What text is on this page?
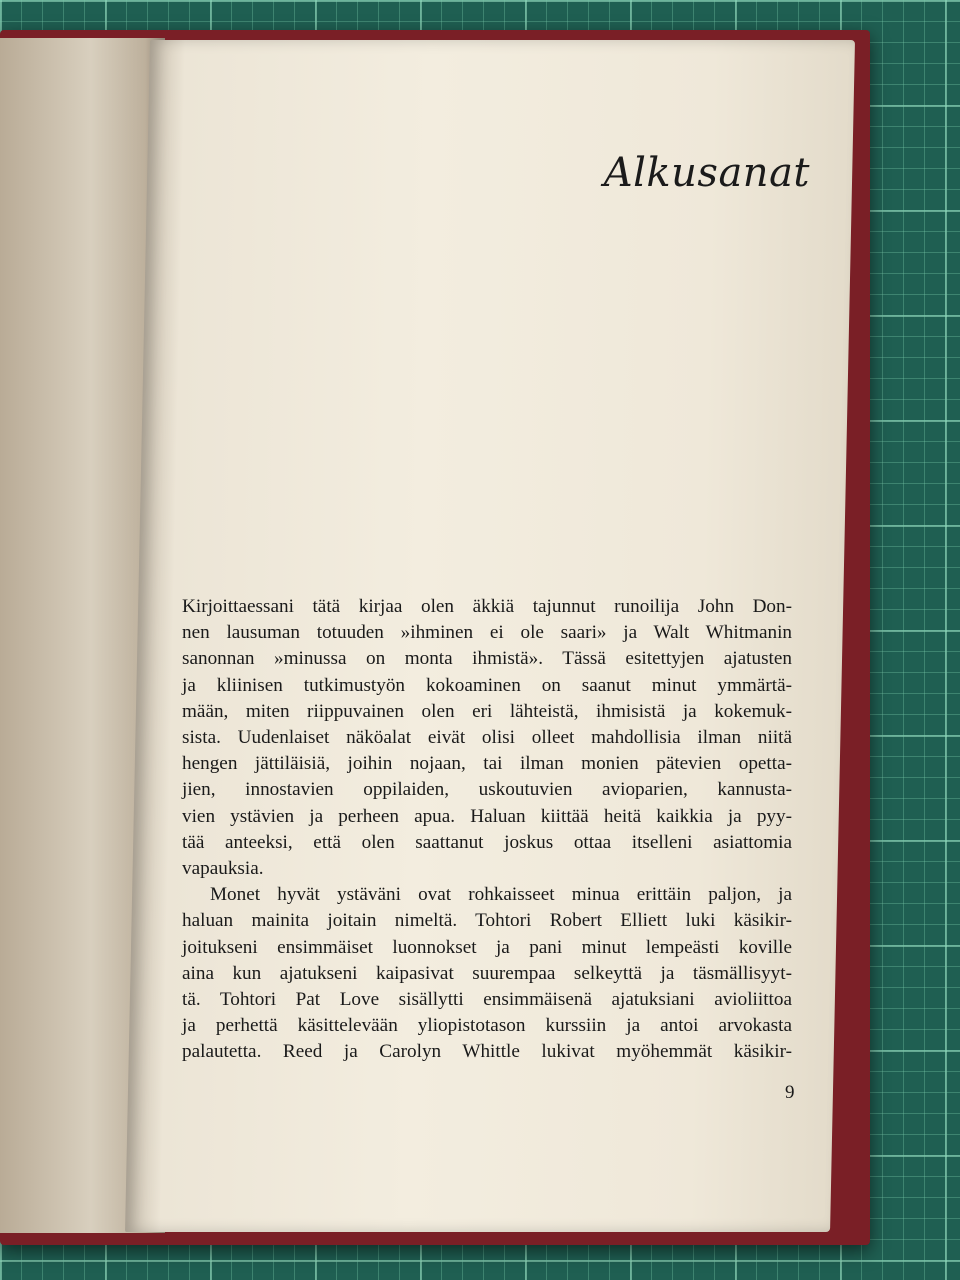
Alkusanat

Kirjoittaessani tätä kirjaa olen äkkiä tajunnut runoilija John Don-
nen lausuman totuuden »ihminen ei ole saari» ja Walt Whitmanin
sanonnan »minussa on monta ihmistä». Tässä esitettyjen ajatusten
ja kliinisen tutkimustyön kokoaminen on saanut minut ymmärtä-
mään, miten riippuvainen olen eri lähteistä, ihmisistä ja kokemuk-
sista. Uudenlaiset näköalat eivät olisi olleet mahdollisia ilman niitä
hengen jättiläisiä, joihin nojaan, tai ilman monien pätevien opetta-
jien, innostavien oppilaiden, uskoutuvien avioparien, kannusta-
vien ystävien ja perheen apua. Haluan kiittää heitä kaikkia ja pyy-
tää anteeksi, että olen saattanut joskus ottaa itselleni asiattomia
vapauksia.

Monet hyvät ystäväni ovat rohkaisseet minua erittäin paljon, ja
haluan mainita joitain nimeltä. Tohtori Robert Elliett luki käsikir-
joitukseni ensimmäiset luonnokset ja pani minut lempeästi koville
aina kun ajatukseni kaipasivat suurempaa selkeyttä ja täsmällisyyt-
tä. Tohtori Pat Love sisällytti ensimmäisenä ajatuksiani avioliittoa
ja perhettä käsittelevään yliopistotason kurssiin ja antoi arvokasta
palautetta. Reed ja Carolyn Whittle lukivat myöhemmät käsikir-

9
